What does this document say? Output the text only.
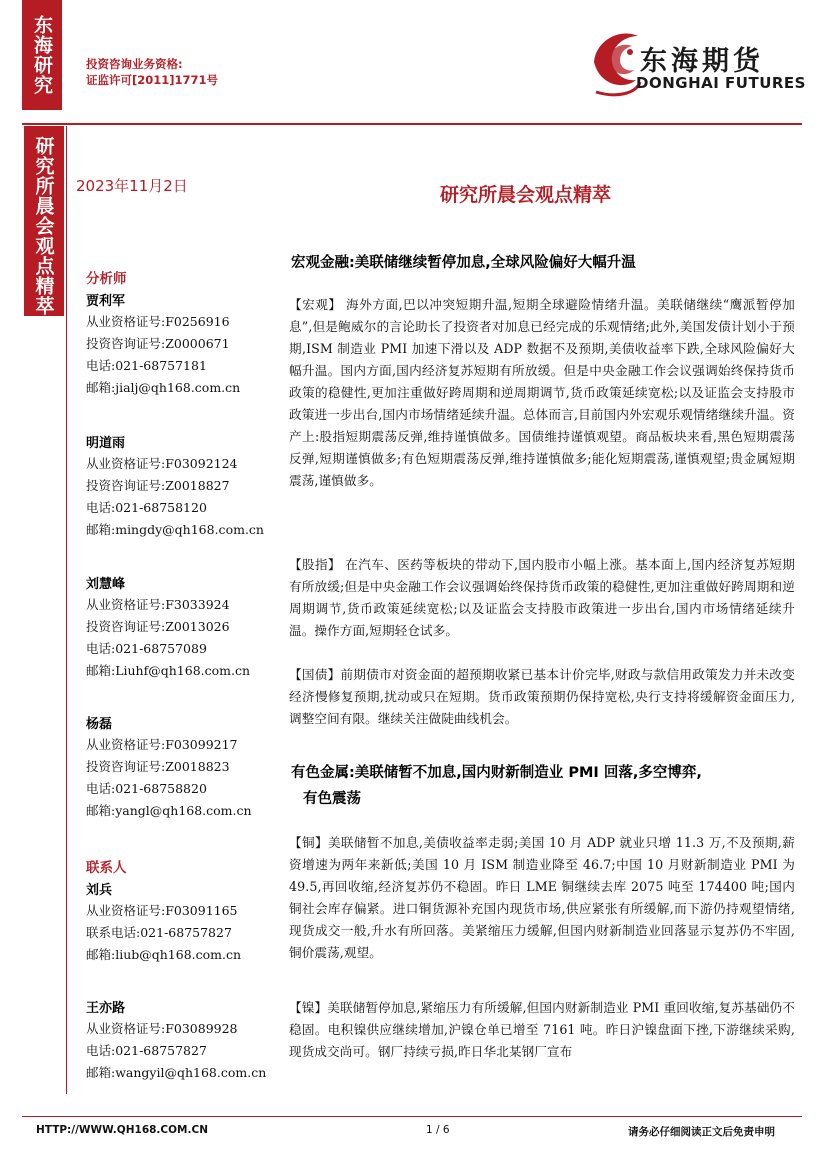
东海研究	投资咨询业务资格:
证监许可[2011]1771号
东海期货
DONGHAI FUTURES
研究所晨会观点精萃	2023年11月2日
分析师
贾利军
从业资格证号:F0256916
投资咨询证号:Z0000671
电话:021-68757181
邮箱:jialj@qh168.com.cn
明道雨
从业资格证号:F03092124
投资咨询证号:Z0018827
电话:021-68758120
邮箱:mingdy@qh168.com.cn
刘慧峰
从业资格证号:F3033924
投资咨询证号:Z0013026
电话:021-68757089
邮箱:Liuhf@qh168.com.cn
杨磊
从业资格证号:F03099217
投资咨询证号:Z0018823
电话:021-68758820
邮箱:yangl@qh168.com.cn
联系人
刘兵
从业资格证号:F03091165
联系电话:021-68757827
邮箱:liub@qh168.com.cn
王亦路
从业资格证号:F03089928
电话:021-68757827
邮箱:wangyil@qh168.com.cn
研究所晨会观点精萃
宏观金融:美联储继续暂停加息,全球风险偏好大幅升温
【宏观】 海外方面,巴以冲突短期升温,短期全球避险情绪升温。美联储继续“鹰派暂停加息”,但是鲍威尔的言论助长了投资者对加息已经完成的乐观情绪;此外,美国发债计划小于预期,ISM 制造业 PMI 加速下滑以及 ADP 数据不及预期,美债收益率下跌,全球风险偏好大幅升温。国内方面,国内经济复苏短期有所放缓。但是中央金融工作会议强调始终保持货币政策的稳健性,更加注重做好跨周期和逆周期调节,货币政策延续宽松;以及证监会支持股市政策进一步出台,国内市场情绪延续升温。总体而言,目前国内外宏观乐观情绪继续升温。资产上:股指短期震荡反弹,维持谨慎做多。国债维持谨慎观望。商品板块来看,黑色短期震荡反弹,短期谨慎做多;有色短期震荡反弹,维持谨慎做多;能化短期震荡,谨慎观望;贵金属短期震荡,谨慎做多。
【股指】 在汽车、医药等板块的带动下,国内股市小幅上涨。基本面上,国内经济复苏短期有所放缓;但是中央金融工作会议强调始终保持货币政策的稳健性,更加注重做好跨周期和逆周期调节,货币政策延续宽松;以及证监会支持股市政策进一步出台,国内市场情绪延续升温。操作方面,短期轻仓试多。
【国债】前期债市对资金面的超预期收紧已基本计价完毕,财政与款信用政策发力并未改变经济慢修复预期,扰动或只在短期。货币政策预期仍保持宽松,央行支持将缓解资金面压力,调整空间有限。继续关注做陡曲线机会。
有色金属:美联储暂不加息,国内财新制造业 PMI 回落,多空博弈,
有色震荡
【铜】美联储暂不加息,美债收益率走弱;美国 10 月 ADP 就业只增 11.3 万,不及预期,薪资增速为两年来新低;美国 10 月 ISM 制造业降至 46.7;中国 10 月财新制造业 PMI 为 49.5,再回收缩,经济复苏仍不稳固。昨日 LME 铜继续去库 2075 吨至 174400 吨;国内铜社会库存偏紧。进口铜货源补充国内现货市场,供应紧张有所缓解,而下游仍持观望情绪,现货成交一般,升水有所回落。美紧缩压力缓解,但国内财新制造业回落显示复苏仍不牢固,铜价震荡,观望。
【镍】美联储暂停加息,紧缩压力有所缓解,但国内财新制造业 PMI 重回收缩,复苏基础仍不稳固。电积镍供应继续增加,沪镍仓单已增至 7161 吨。昨日沪镍盘面下挫,下游继续采购,现货成交尚可。钢厂持续亏损,昨日华北某钢厂宣布
HTTP://WWW.QH168.COM.CN	1 / 6	请务必仔细阅读正文后免责申明
